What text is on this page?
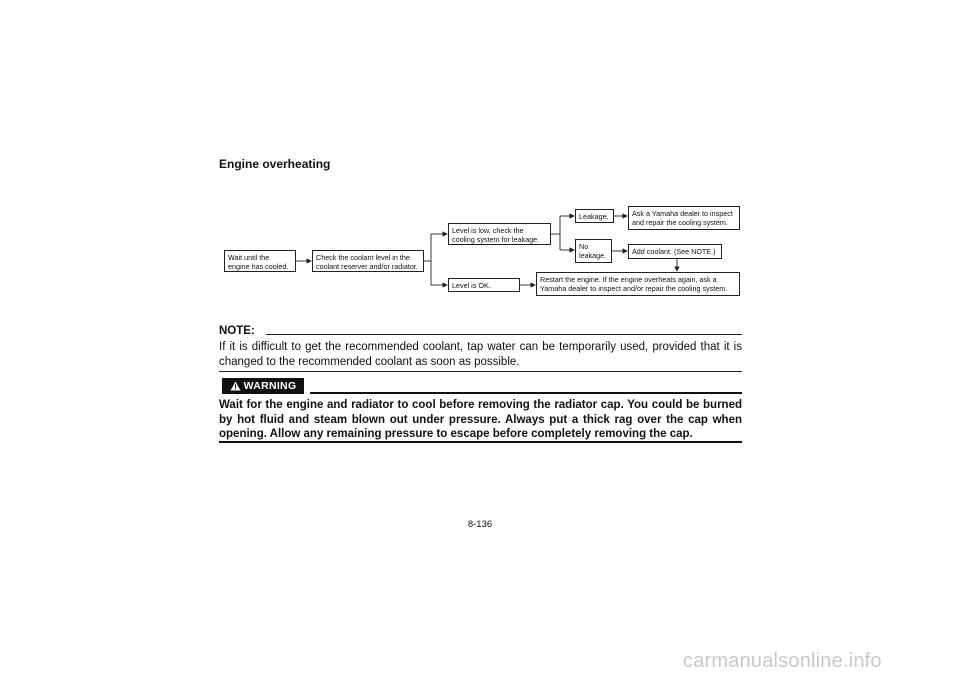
Engine overheating
Wait until the
engine has cooled.
Check the coolant level in the
coolant reserver and/or radiator.
Level is low, check the
cooling system for leakage.
Level is OK.
Leakage.
No
leakage.
Ask a Yamaha dealer to inspect
and repair the cooling system.
Add coolant. (See NOTE.)
Restart the engine. If the engine overheats again, ask a
Yamaha dealer to inspect and/or repair the cooling system.
NOTE:
If it is difficult to get the recommended coolant, tap water can be temporarily used, provided that it is changed to the recommended coolant as soon as possible.
WARNING
Wait for the engine and radiator to cool before removing the radiator cap. You could be burned by hot fluid and steam blown out under pressure. Always put a thick rag over the cap when opening. Allow any remaining pressure to escape before completely removing the cap.
8-136
carmanualsonline.info
